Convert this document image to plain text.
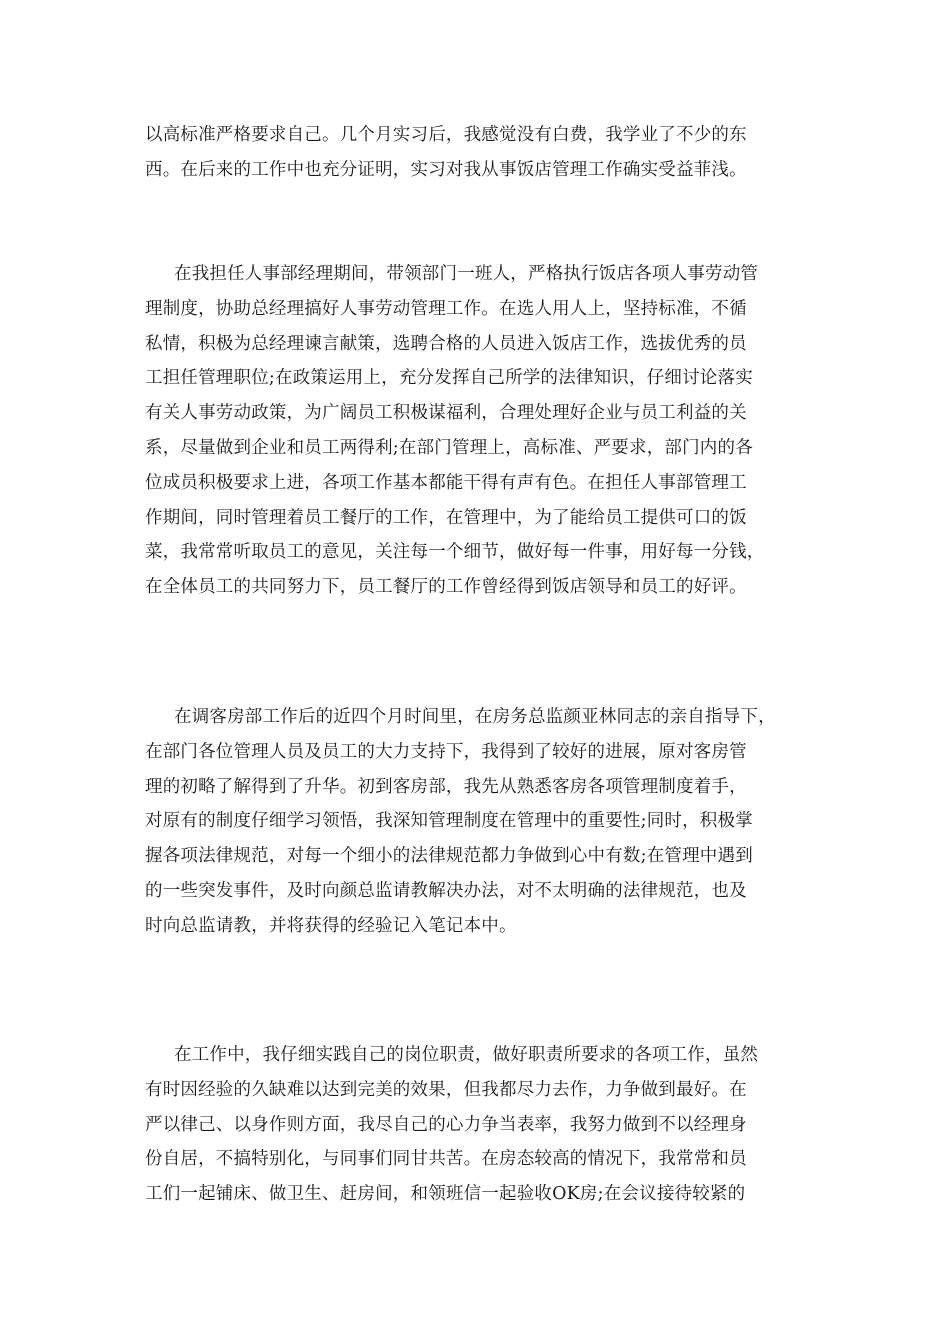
以高标准严格要求自己。几个月实习后，我感觉没有白费，我学业了不少的东
西。在后来的工作中也充分证明，实习对我从事饭店管理工作确实受益菲浅。
在我担任人事部经理期间，带领部门一班人，严格执行饭店各项人事劳动管
理制度，协助总经理搞好人事劳动管理工作。在选人用人上，坚持标准，不循
私情，积极为总经理谏言献策，选聘合格的人员进入饭店工作，选拔优秀的员
工担任管理职位;在政策运用上，充分发挥自己所学的法律知识，仔细讨论落实
有关人事劳动政策，为广阔员工积极谋福利，合理处理好企业与员工利益的关
系，尽量做到企业和员工两得利;在部门管理上，高标准、严要求，部门内的各
位成员积极要求上进，各项工作基本都能干得有声有色。在担任人事部管理工
作期间，同时管理着员工餐厅的工作，在管理中，为了能给员工提供可口的饭
菜，我常常听取员工的意见，关注每一个细节，做好每一件事，用好每一分钱，
在全体员工的共同努力下，员工餐厅的工作曾经得到饭店领导和员工的好评。
在调客房部工作后的近四个月时间里，在房务总监颜亚林同志的亲自指导下，
在部门各位管理人员及员工的大力支持下，我得到了较好的进展，原对客房管
理的初略了解得到了升华。初到客房部，我先从熟悉客房各项管理制度着手，
对原有的制度仔细学习领悟，我深知管理制度在管理中的重要性;同时，积极掌
握各项法律规范，对每一个细小的法律规范都力争做到心中有数;在管理中遇到
的一些突发事件，及时向颜总监请教解决办法，对不太明确的法律规范，也及
时向总监请教，并将获得的经验记入笔记本中。
在工作中，我仔细实践自己的岗位职责，做好职责所要求的各项工作，虽然
有时因经验的久缺难以达到完美的效果，但我都尽力去作，力争做到最好。在
严以律己、以身作则方面，我尽自己的心力争当表率，我努力做到不以经理身
份自居，不搞特别化，与同事们同甘共苦。在房态较高的情况下，我常常和员
工们一起铺床、做卫生、赶房间，和领班信一起验收OK房;在会议接待较紧的
